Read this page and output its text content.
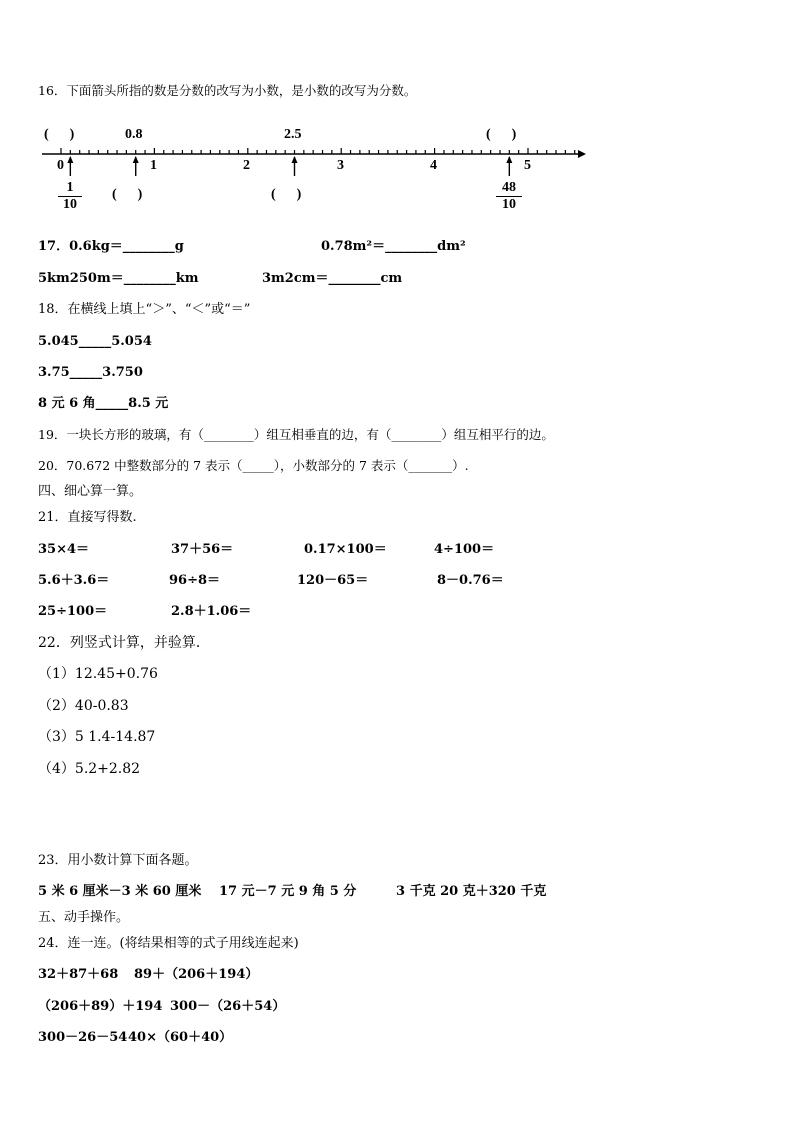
16．下面箭头所指的数是分数的改写为小数，是小数的改写为分数。
(      )	0.8	2.5	(      )
0	1	2	3	4	5
$\frac{1}{10}$ (      )	(      )	$\frac{48}{10}$
17．0.6kg＝________g	0.78m²＝________dm²
5km250m＝________km	3m2cm＝________cm
18．在横线上填上“＞”、“＜”或“＝”
5.045_____5.054
3.75_____3.750
8 元 6 角_____8.5 元
19．一块长方形的玻璃，有（________）组互相垂直的边，有（________）组互相平行的边。
20．70.672 中整数部分的 7 表示（_____），小数部分的 7 表示（_______）.
四、细心算一算。
21．直接写得数.
35×4＝	37＋56＝	0.17×100＝	4÷100＝
5.6＋3.6＝	96÷8＝	120－65＝	8－0.76＝
25÷100＝	2.8＋1.06＝
22．列竖式计算，并验算．
（1）12.45+0.76
（2）40-0.83
（3）5 1.4-14.87
（4）5.2+2.82
23．用小数计算下面各题。
5 米 6 厘米－3 米 60 厘米 17 元－7 元 9 角 5 分	3 千克 20 克＋320 千克
五、动手操作。
24．连一连。(将结果相等的式子用线连起来)
32＋87＋68 89＋（206＋194）
（206＋89）＋194 300－（26＋54）
300－26－54 40×（60＋40）
